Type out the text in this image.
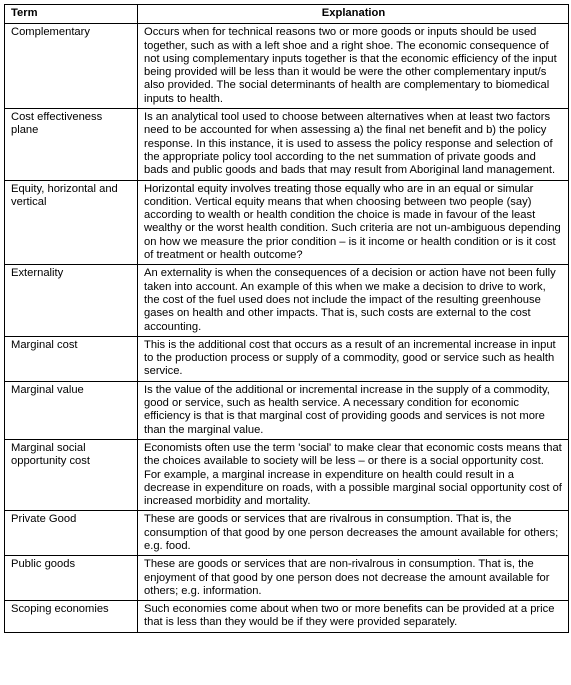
Term	Explanation
Complementary	Occurs when for technical reasons two or more goods or inputs should be used together, such as with a left shoe and a right shoe. The economic consequence of not using complementary inputs together is that the economic efficiency of the input being provided will be less than it would be were the other complementary input/s also provided. The social determinants of health are complementary to biomedical inputs to health.
Cost effectiveness plane	Is an analytical tool used to choose between alternatives when at least two factors need to be accounted for when assessing a) the final net benefit and b) the policy response. In this instance, it is used to assess the policy response and selection of the appropriate policy tool according to the net summation of private goods and bads and public goods and bads that may result from Aboriginal land management.
Equity, horizontal and vertical	Horizontal equity involves treating those equally who are in an equal or simular condition. Vertical equity means that when choosing between two people (say) according to wealth or health condition the choice is made in favour of the least wealthy or the worst health condition. Such criteria are not un-ambiguous depending on how we measure the prior condition – is it income or health condition or is it cost of treatment or health outcome?
Externality	An externality is when the consequences of a decision or action have not been fully taken into account. An example of this when we make a decision to drive to work, the cost of the fuel used does not include the impact of the resulting greenhouse gases on health and other impacts. That is, such costs are external to the cost accounting.
Marginal cost	This is the additional cost that occurs as a result of an incremental increase in input to the production process or supply of a commodity, good or service such as health service.
Marginal value	Is the value of the additional or incremental increase in the supply of a commodity, good or service, such as health service. A necessary condition for economic efficiency is that is that marginal cost of providing goods and services is not more than the marginal value.
Marginal social opportunity cost	Economists often use the term 'social' to make clear that economic costs means that the choices available to society will be less – or there is a social opportunity cost. For example, a marginal increase in expenditure on health could result in a decrease in expenditure on roads, with a possible marginal social opportunity cost of increased morbidity and mortality.
Private Good	These are goods or services that are rivalrous in consumption. That is, the consumption of that good by one person decreases the amount available for others; e.g. food.
Public goods	These are goods or services that are non-rivalrous in consumption. That is, the enjoyment of that good by one person does not decrease the amount available for others; e.g. information.
Scoping economies	Such economies come about when two or more benefits can be provided at a price that is less than they would be if they were provided separately.
